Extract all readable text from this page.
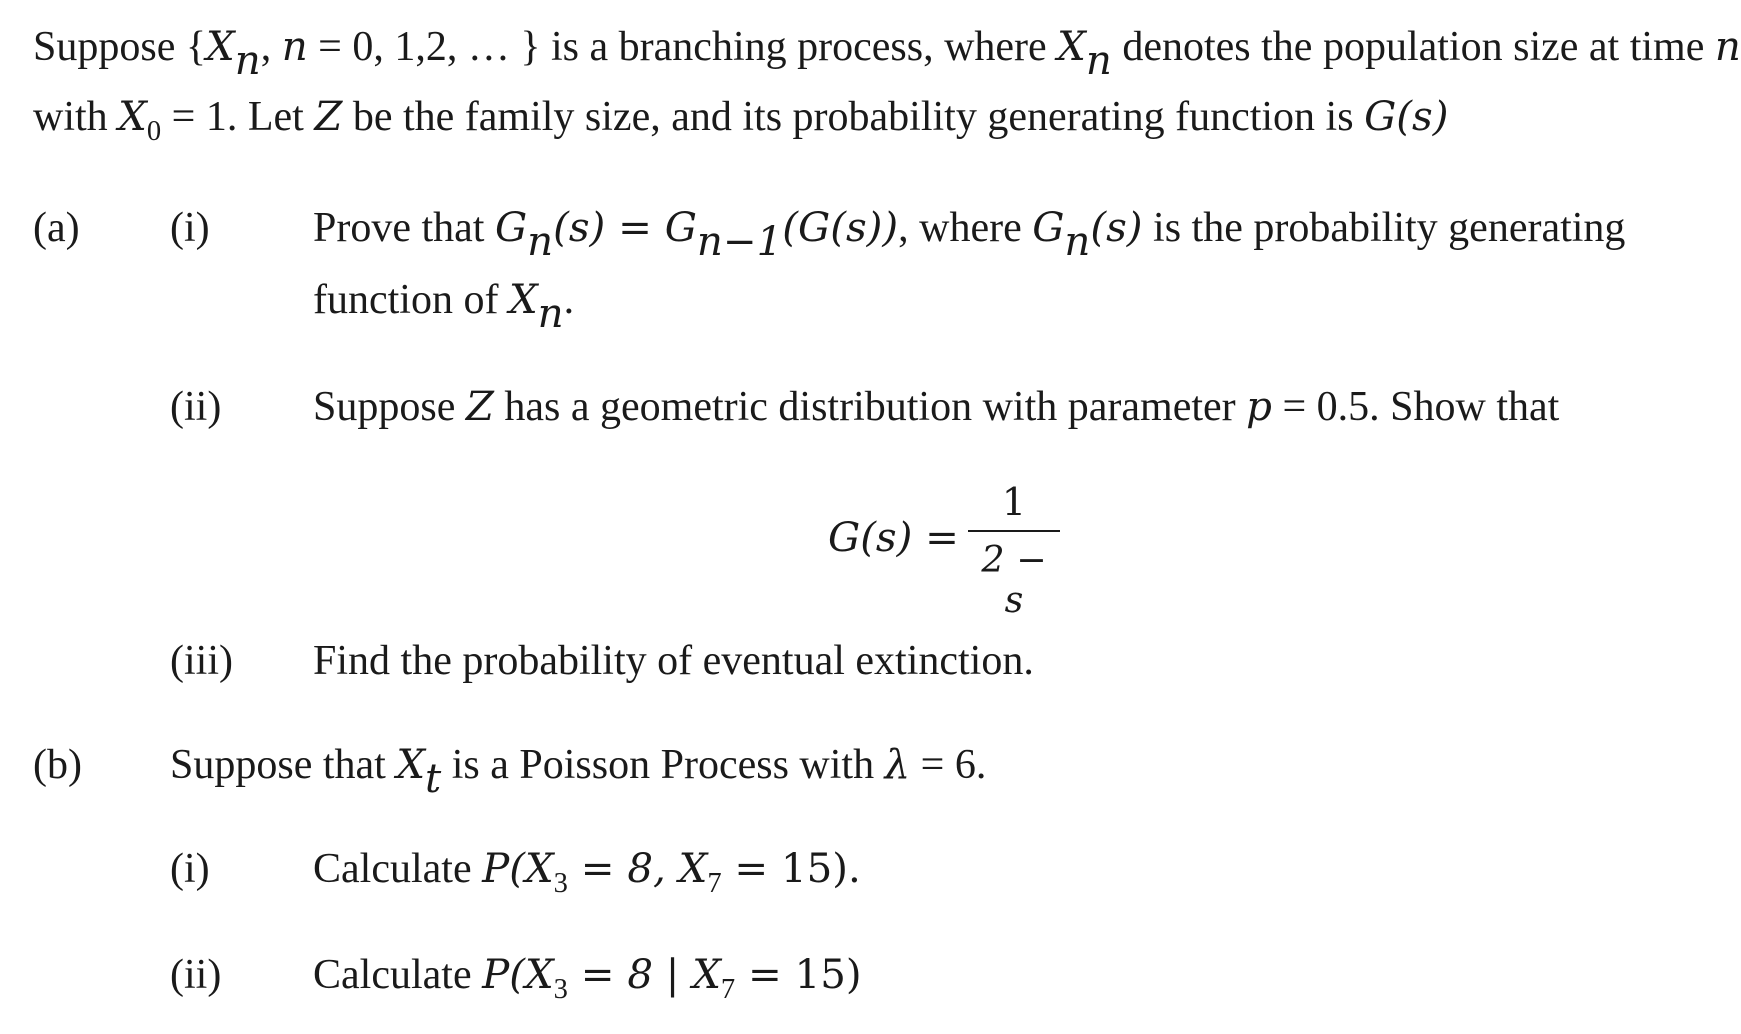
Suppose {$X_n$, n = 0, 1,2, … } is a branching process, where $X_n$ denotes the population size at time n
with $X_0 = 1$. Let Z be the family size, and its probability generating function is G(s)
(a) (i) Prove that $G_n(s) = G_{n-1}(G(s))$, where $G_n(s)$ is the probability generating
function of $X_n$.
(ii) Suppose Z has a geometric distribution with parameter p = 0.5. Show that
G(s) =
1
2 − s
(iii) Find the probability of eventual extinction.
(b) Suppose that $X_t$ is a Poisson Process with λ = 6.
(i) Calculate $P(X_3 = 8$, $X_7 = 15$).
(ii) Calculate $P(X_3 = 8$ | $X_7 = 15$)
